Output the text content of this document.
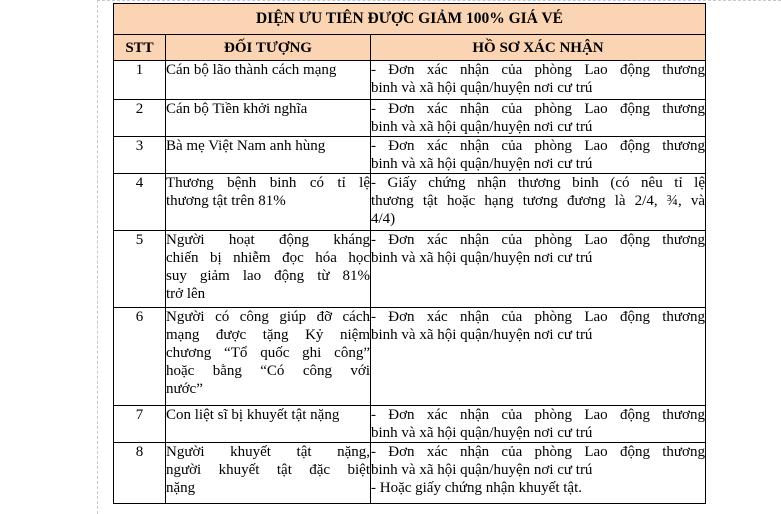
DIỆN ƯU TIÊN ĐƯỢC GIẢM 100% GIÁ VÉ		
STT	ĐỐI TƯỢNG	HỒ SƠ XÁC NHẬN
1	Cán bộ lão thành cách mạng	- Đơn xác nhận của phòng Lao động thương
binh và xã hội quận/huyện nơi cư trú

2	Cán bộ Tiền khởi nghĩa	- Đơn xác nhận của phòng Lao động thương
binh và xã hội quận/huyện nơi cư trú

3	Bà mẹ Việt Nam anh hùng	- Đơn xác nhận của phòng Lao động thương
binh và xã hội quận/huyện nơi cư trú

4	Thương bệnh binh có tỉ lệ
thương tật trên 81%	- Giấy chứng nhận thương binh (có nêu tỉ lệ
thương tật hoặc hạng tương đương là 2/4, ¾, và
4/4)

5	Người hoạt động kháng
chiến bị nhiễm đọc hóa học
suy giảm lao động từ 81%
trở lên	- Đơn xác nhận của phòng Lao động thương
binh và xã hội quận/huyện nơi cư trú

6	Người có công giúp đỡ cách
mạng được tặng Kỷ niệm
chương “Tổ quốc ghi công”
hoặc bằng “Có công với
nước”	- Đơn xác nhận của phòng Lao động thương
binh và xã hội quận/huyện nơi cư trú

7	Con liệt sĩ bị khuyết tật nặng	- Đơn xác nhận của phòng Lao động thương
binh và xã hội quận/huyện nơi cư trú

8	Người khuyết tật nặng,
người khuyết tật đặc biệt
nặng	- Đơn xác nhận của phòng Lao động thương
binh và xã hội quận/huyện nơi cư trú
- Hoặc giấy chứng nhận khuyết tật.
